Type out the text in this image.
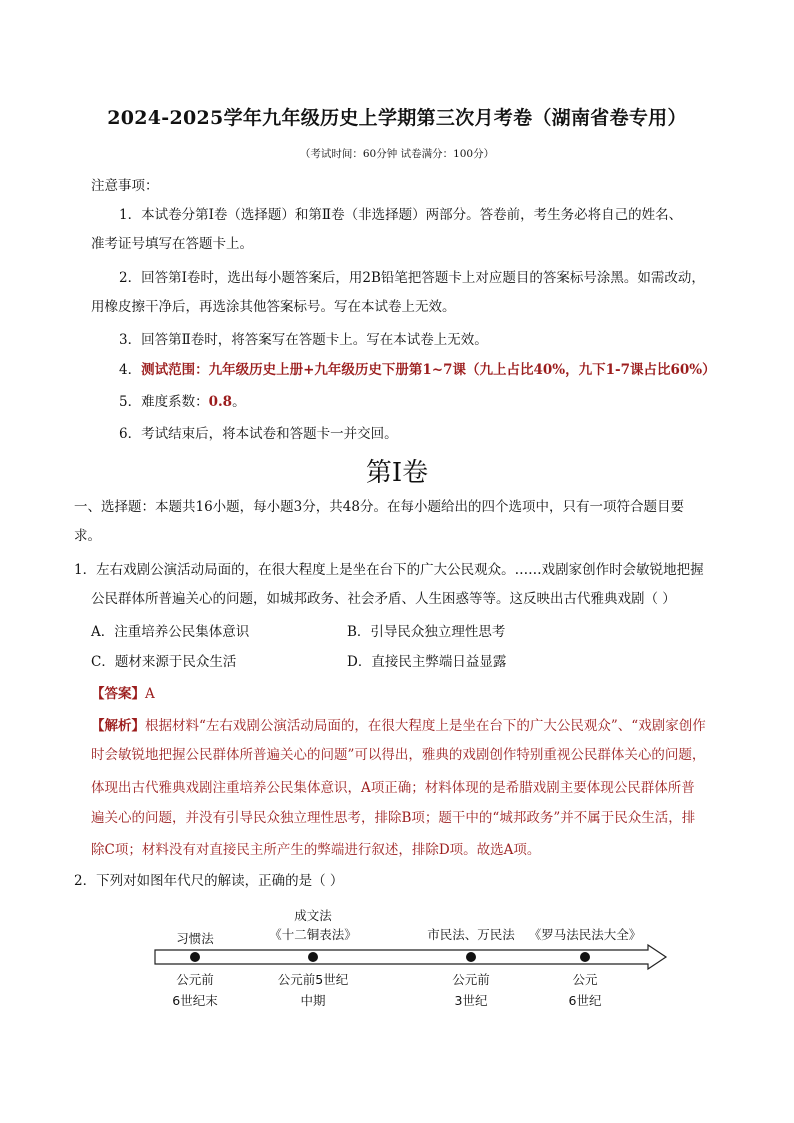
2024-2025学年九年级历史上学期第三次月考卷（湖南省卷专用）
（考试时间：60分钟 试卷满分：100分）
注意事项：
1．本试卷分第Ⅰ卷（选择题）和第Ⅱ卷（非选择题）两部分。答卷前，考生务必将自己的姓名、
准考证号填写在答题卡上。
2．回答第Ⅰ卷时，选出每小题答案后，用2B铅笔把答题卡上对应题目的答案标号涂黑。如需改动，
用橡皮擦干净后，再选涂其他答案标号。写在本试卷上无效。
3．回答第Ⅱ卷时，将答案写在答题卡上。写在本试卷上无效。
4．测试范围：九年级历史上册+九年级历史下册第1~7课（九上占比40%，九下1-7课占比60%）
5．难度系数：0.8。
6．考试结束后，将本试卷和答题卡一并交回。
第Ⅰ卷
一、选择题：本题共16小题，每小题3分，共48分。在每小题给出的四个选项中，只有一项符合题目要
求。
1．左右戏剧公演活动局面的，在很大程度上是坐在台下的广大公民观众。……戏剧家创作时会敏锐地把握
公民群体所普遍关心的问题，如城邦政务、社会矛盾、人生困惑等等。这反映出古代雅典戏剧（ ）
A．注重培养公民集体意识	B．引导民众独立理性思考
C．题材来源于民众生活	D．直接民主弊端日益显露
【答案】A
【解析】根据材料“左右戏剧公演活动局面的，在很大程度上是坐在台下的广大公民观众”、“戏剧家创作
时会敏锐地把握公民群体所普遍关心的问题”可以得出，雅典的戏剧创作特别重视公民群体关心的问题，
体现出古代雅典戏剧注重培养公民集体意识，A项正确；材料体现的是希腊戏剧主要体现公民群体所普
遍关心的问题，并没有引导民众独立理性思考，排除B项；题干中的“城邦政务”并不属于民众生活，排
除C项；材料没有对直接民主所产生的弊端进行叙述，排除D项。故选A项。
2．下列对如图年代尺的解读，正确的是（ ）
习惯法
公元前
6世纪末
成文法
《十二铜表法》
公元前5世纪
中期
市民法、万民法
公元前
3世纪
《罗马法民法大全》
公元
6世纪
